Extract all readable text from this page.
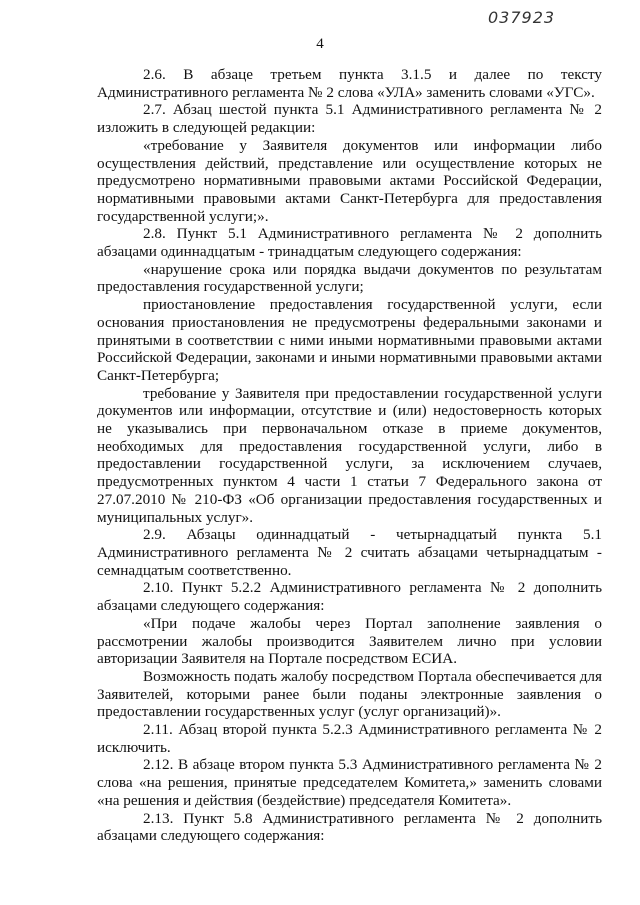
037923
4

2.6. В абзаце третьем пункта 3.1.5 и далее по тексту Административного регламента № 2 слова «УЛА» заменить словами «УГС».

2.7. Абзац шестой пункта 5.1 Административного регламента № 2 изложить в следующей редакции:

«требование у Заявителя документов или информации либо осуществления действий, представление или осуществление которых не предусмотрено нормативными правовыми актами Российской Федерации, нормативными правовыми актами Санкт-Петербурга для предоставления государственной услуги;».

2.8. Пункт 5.1 Административного регламента № 2 дополнить абзацами одиннадцатым - тринадцатым следующего содержания:

«нарушение срока или порядка выдачи документов по результатам предоставления государственной услуги;

приостановление предоставления государственной услуги, если основания приостановления не предусмотрены федеральными законами и принятыми в соответствии с ними иными нормативными правовыми актами Российской Федерации, законами и иными нормативными правовыми актами Санкт-Петербурга;

требование у Заявителя при предоставлении государственной услуги документов или информации, отсутствие и (или) недостоверность которых не указывались при первоначальном отказе в приеме документов, необходимых для предоставления государственной услуги, либо в предоставлении государственной услуги, за исключением случаев, предусмотренных пунктом 4 части 1 статьи 7 Федерального закона от 27.07.2010 № 210-ФЗ «Об организации предоставления государственных и муниципальных услуг».

2.9. Абзацы одиннадцатый - четырнадцатый пункта 5.1 Административного регламента № 2 считать абзацами четырнадцатым - семнадцатым соответственно.

2.10. Пункт 5.2.2 Административного регламента № 2 дополнить абзацами следующего содержания:

«При подаче жалобы через Портал заполнение заявления о рассмотрении жалобы производится Заявителем лично при условии авторизации Заявителя на Портале посредством ЕСИА.

Возможность подать жалобу посредством Портала обеспечивается для Заявителей, которыми ранее были поданы электронные заявления о предоставлении государственных услуг (услуг организаций)».

2.11. Абзац второй пункта 5.2.3 Административного регламента № 2 исключить.

2.12. В абзаце втором пункта 5.3 Административного регламента № 2 слова «на решения, принятые председателем Комитета,» заменить словами «на решения и действия (бездействие) председателя Комитета».

2.13. Пункт 5.8 Административного регламента № 2 дополнить абзацами следующего содержания:
